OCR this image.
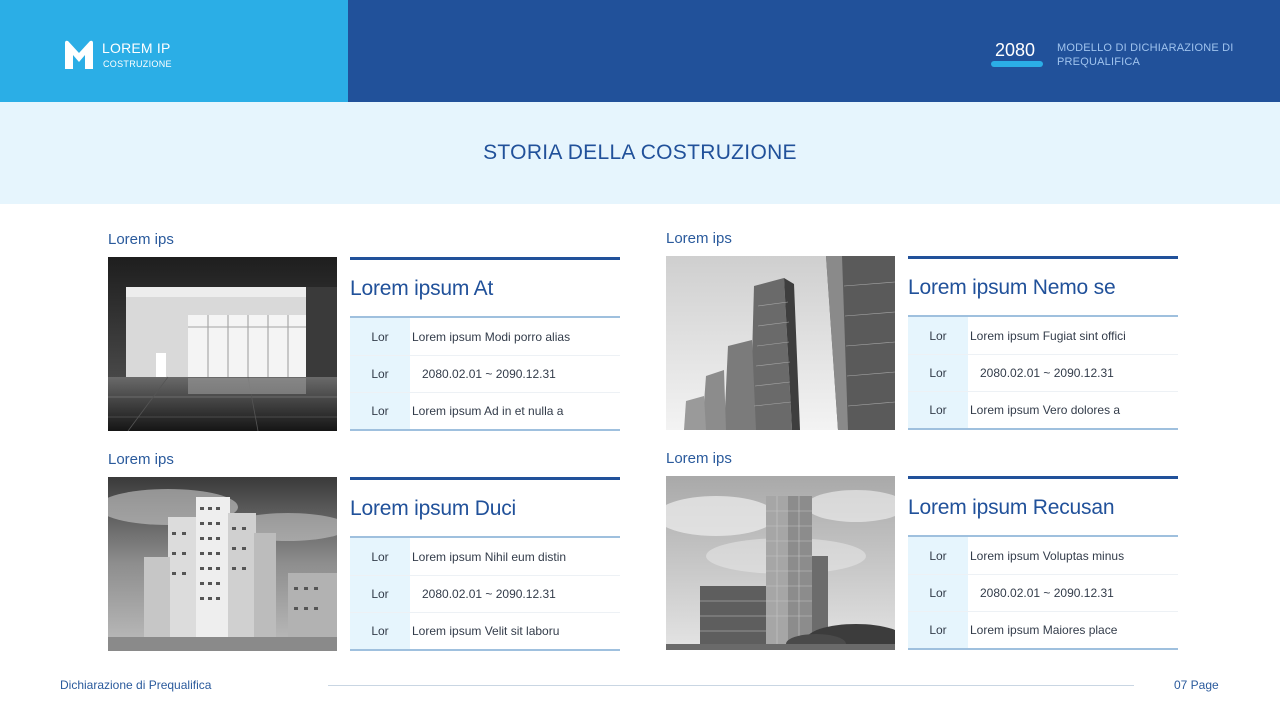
LOREM IP
COSTRUZIONE
2080 MODELLO DI DICHIARAZIONE DI PREQUALIFICA
STORIA DELLA COSTRUZIONE
Lorem ips
Lorem ipsum At
Lor	Lorem ipsum Modi porro alias
Lor	2080.02.01 ~ 2090.12.31
Lor	Lorem ipsum Ad in et nulla a
Lorem ips
Lorem ipsum Nemo se
Lor	Lorem ipsum Fugiat sint offici
Lor	2080.02.01 ~ 2090.12.31
Lor	Lorem ipsum Vero dolores a
Lorem ips
Lorem ipsum Duci
Lor	Lorem ipsum Nihil eum distin
Lor	2080.02.01 ~ 2090.12.31
Lor	Lorem ipsum Velit sit laboru
Lorem ips
Lorem ipsum Recusan
Lor	Lorem ipsum Voluptas minus
Lor	2080.02.01 ~ 2090.12.31
Lor	Lorem ipsum Maiores place
Dichiarazione di Prequalifica	07 Page
